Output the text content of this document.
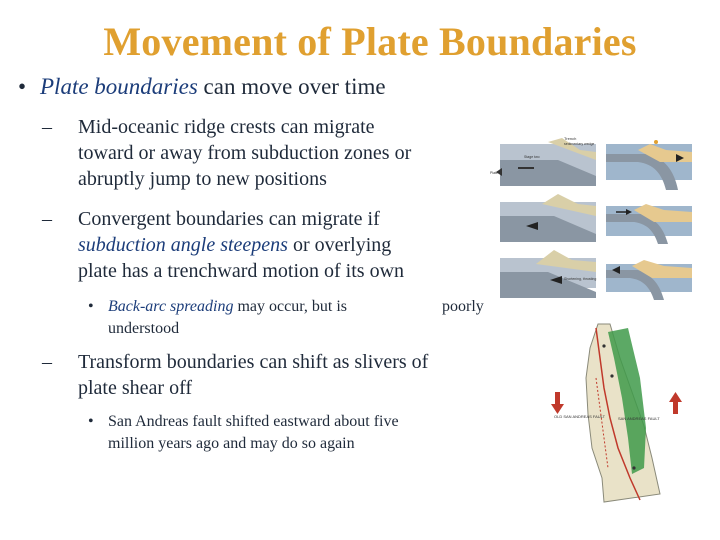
Movement of Plate Boundaries
• Plate boundaries can move over time
– Mid-oceanic ridge crests can migrate
toward or away from subduction zones or
abruptly jump to new positions
– Convergent boundaries can migrate if
subduction angle steepens or overlying
plate has a trenchward motion of its own
• Back-arc spreading may occur, but is	poorly
understood
– Transform boundaries can shift as slivers of
plate shear off
• San Andreas fault shifted eastward about five
million years ago and may do so again
Trench
sedimentary wedge
Stage two
Plate
Shortening, thrusting
OLD SAN ANDREAS FAULT	SAN ANDREAS FAULT
